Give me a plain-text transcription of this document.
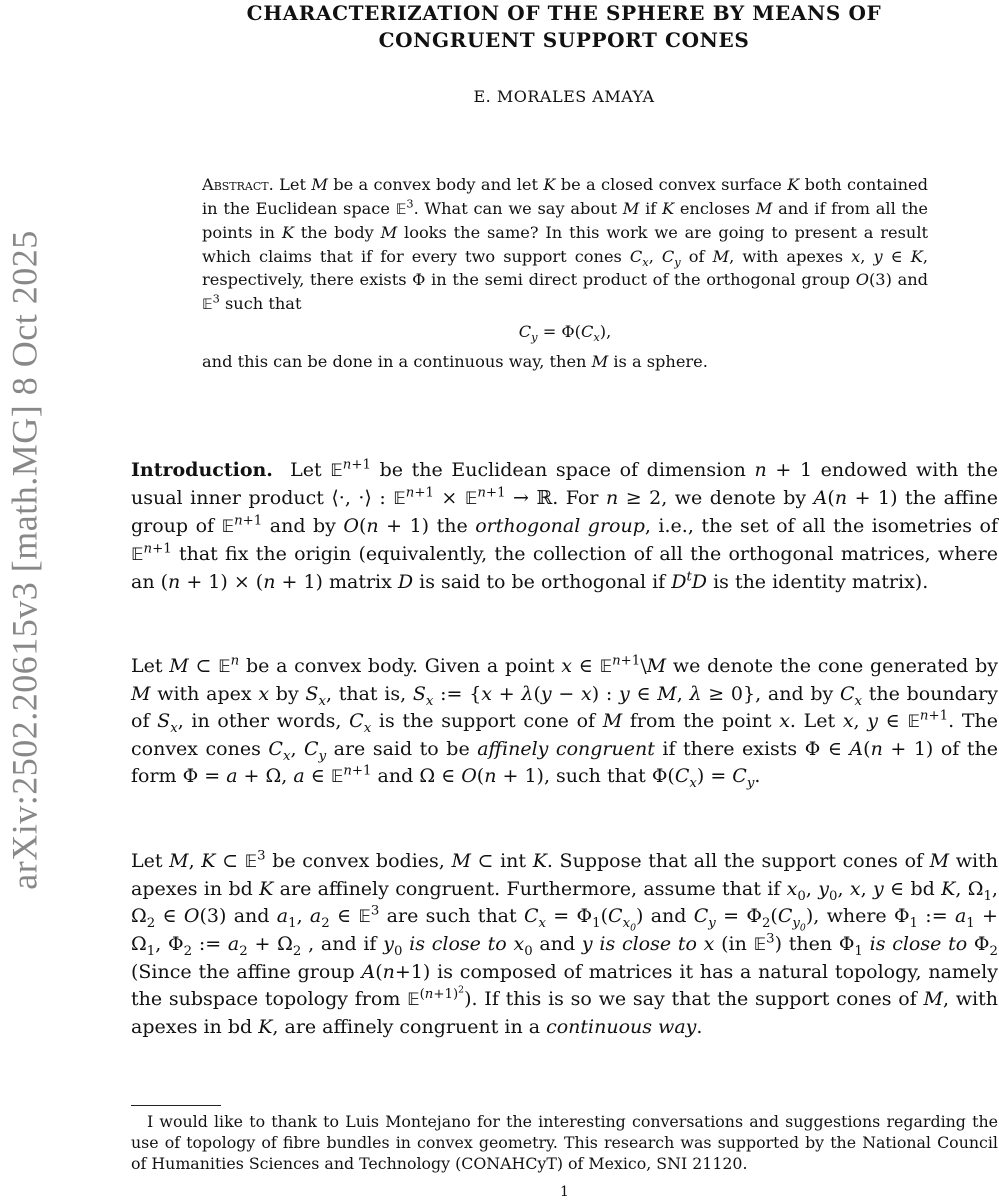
arXiv:2502.20615v3 [math.MG] 8 Oct 2025
CHARACTERIZATION OF THE SPHERE BY MEANS OF
CONGRUENT SUPPORT CONES
E. MORALES AMAYA
Abstract. Let M be a convex body and let K be a closed convex surface K both contained in the Euclidean space 𝔼$^3$. What can we say about M if K encloses M and if from all the points in K the body M looks the same? In this work we are going to present a result which claims that if for every two support cones $C_x$, $C_y$ of M, with apexes x, y ∈ K, respectively, there exists Φ in the semi direct product of the orthogonal group O(3) and 𝔼$^3$ such that
$C_y = \Phi(C_x)$,
and this can be done in a continuous way, then M is a sphere.

Introduction.  Let 𝔼$^{n+1}$ be the Euclidean space of dimension n + 1 endowed with the usual inner product ⟨·, ·⟩ : 𝔼$^{n+1}$ × 𝔼$^{n+1}$ → ℝ. For n ≥ 2, we denote by A(n + 1) the affine group of 𝔼$^{n+1}$ and by O(n + 1) the orthogonal group, i.e., the set of all the isometries of 𝔼$^{n+1}$ that fix the origin (equivalently, the collection of all the orthogonal matrices, where an (n + 1) × (n + 1) matrix D is said to be orthogonal if $D^tD$ is the identity matrix).

Let M ⊂ 𝔼$^n$ be a convex body. Given a point x ∈ 𝔼$^{n+1}$\M we denote the cone generated by M with apex x by $S_x$, that is, $S_x$ := {x + λ(y − x) : y ∈ M, λ ≥ 0}, and by $C_x$ the boundary of $S_x$, in other words, $C_x$ is the support cone of M from the point x. Let x, y ∈ 𝔼$^{n+1}$. The convex cones $C_x$, $C_y$ are said to be affinely congruent if there exists Φ ∈ A(n + 1) of the form Φ = a + Ω, a ∈ 𝔼$^{n+1}$ and Ω ∈ O(n + 1), such that $\Phi(C_x) = C_y$.

Let M, K ⊂ 𝔼$^3$ be convex bodies, M ⊂ int K. Suppose that all the support cones of M with apexes in bd K are affinely congruent. Furthermore, assume that if $x_0$, $y_0$, x, y ∈ bd K, $\Omega_1$, $\Omega_2$ ∈ O(3) and $a_1$, $a_2$ ∈ 𝔼$^3$ are such that $C_x = \Phi_1(C_{x_0})$ and $C_y = \Phi_2(C_{y_0})$, where $\Phi_1$ := $a_1 + \Omega_1$, $\Phi_2$ := $a_2 + \Omega_2$ , and if $y_0$ is close to $x_0$ and y is close to x (in 𝔼$^3$) then $\Phi_1$ is close to $\Phi_2$ (Since the affine group A(n+1) is composed of matrices it has a natural topology, namely the subspace topology from 𝔼$^{(n+1)^2}$). If this is so we say that the support cones of M, with apexes in bd K, are affinely congruent in a continuous way.

I would like to thank to Luis Montejano for the interesting conversations and suggestions regarding the use of topology of fibre bundles in convex geometry. This research was supported by the National Council of Humanities Sciences and Technology (CONAHCyT) of Mexico, SNI 21120.
1
